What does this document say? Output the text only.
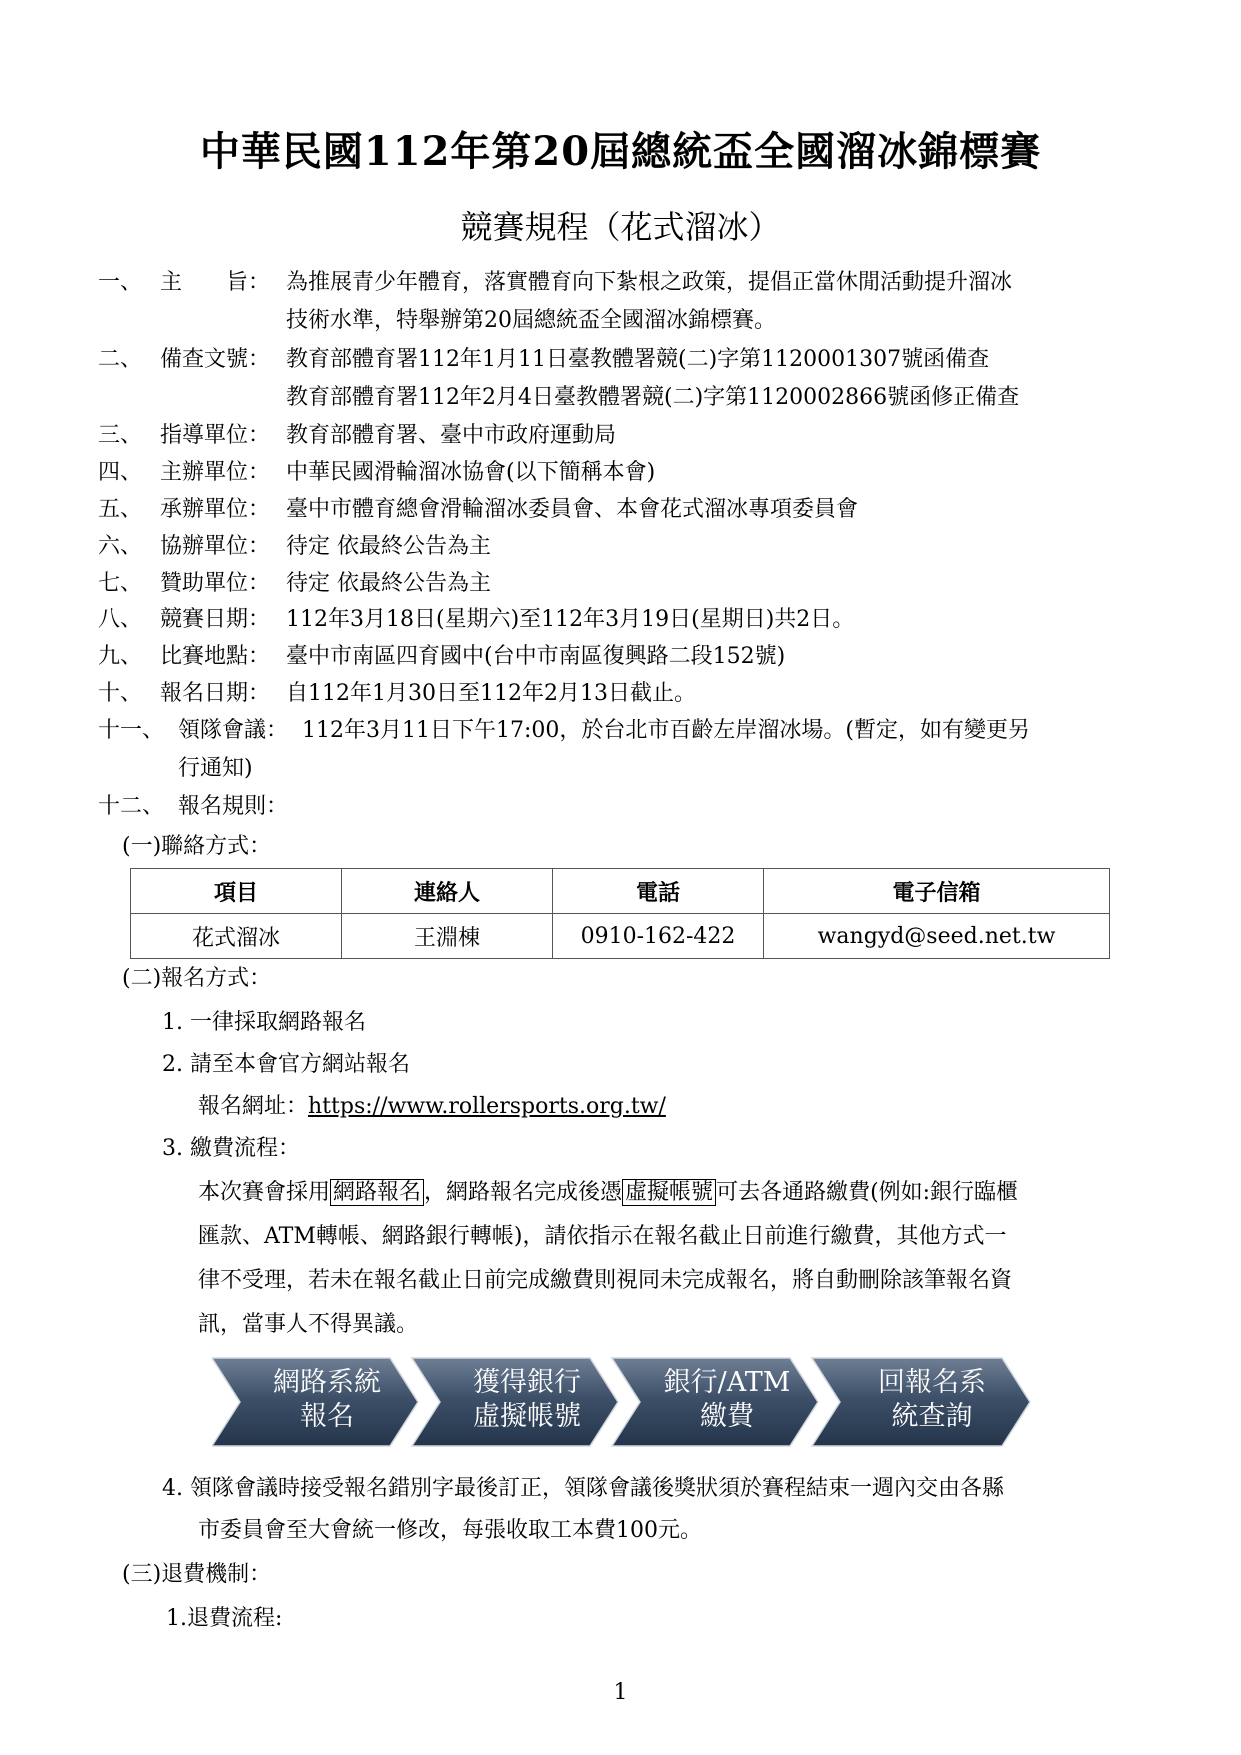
中華民國112年第20屆總統盃全國溜冰錦標賽
競賽規程（花式溜冰）
一、 主　　旨： 為推展青少年體育，落實體育向下紮根之政策，提倡正當休閒活動提升溜冰
技術水準，特舉辦第20屆總統盃全國溜冰錦標賽。
二、 備查文號： 教育部體育署112年1月11日臺教體署競(二)字第1120001307號函備查
教育部體育署112年2月4日臺教體署競(二)字第1120002866號函修正備查
三、 指導單位： 教育部體育署、臺中市政府運動局
四、 主辦單位： 中華民國滑輪溜冰協會(以下簡稱本會)
五、 承辦單位： 臺中市體育總會滑輪溜冰委員會、本會花式溜冰專項委員會
六、 協辦單位： 待定 依最終公告為主
七、 贊助單位： 待定 依最終公告為主
八、 競賽日期： 112年3月18日(星期六)至112年3月19日(星期日)共2日。
九、 比賽地點： 臺中市南區四育國中(台中市南區復興路二段152號)
十、 報名日期： 自112年1月30日至112年2月13日截止。
十一、 領隊會議： 112年3月11日下午17:00，於台北市百齡左岸溜冰場。(暫定，如有變更另
行通知)
十二、 報名規則：
(一)聯絡方式：
項目	連絡人	電話	電子信箱
花式溜冰	王淵棟	0910-162-422	wangyd@seed.net.tw
(二)報名方式：
1. 一律採取網路報名
2. 請至本會官方網站報名
報名網址：https://www.rollersports.org.tw/
3. 繳費流程：
本次賽會採用 網路報名 ，網路報名完成後憑 虛擬帳號 可去各通路繳費(例如:銀行臨櫃
匯款、ATM轉帳、網路銀行轉帳)，請依指示在報名截止日前進行繳費，其他方式一
律不受理，若未在報名截止日前完成繳費則視同未完成報名，將自動刪除該筆報名資
訊，當事人不得異議。
網路系統
報名
獲得銀行
虛擬帳號
銀行/ATM
繳費
回報名系
統查詢
4. 領隊會議時接受報名錯別字最後訂正，領隊會議後獎狀須於賽程結束一週內交由各縣
市委員會至大會統一修改，每張收取工本費100元。
(三)退費機制：
1.退費流程:
1
